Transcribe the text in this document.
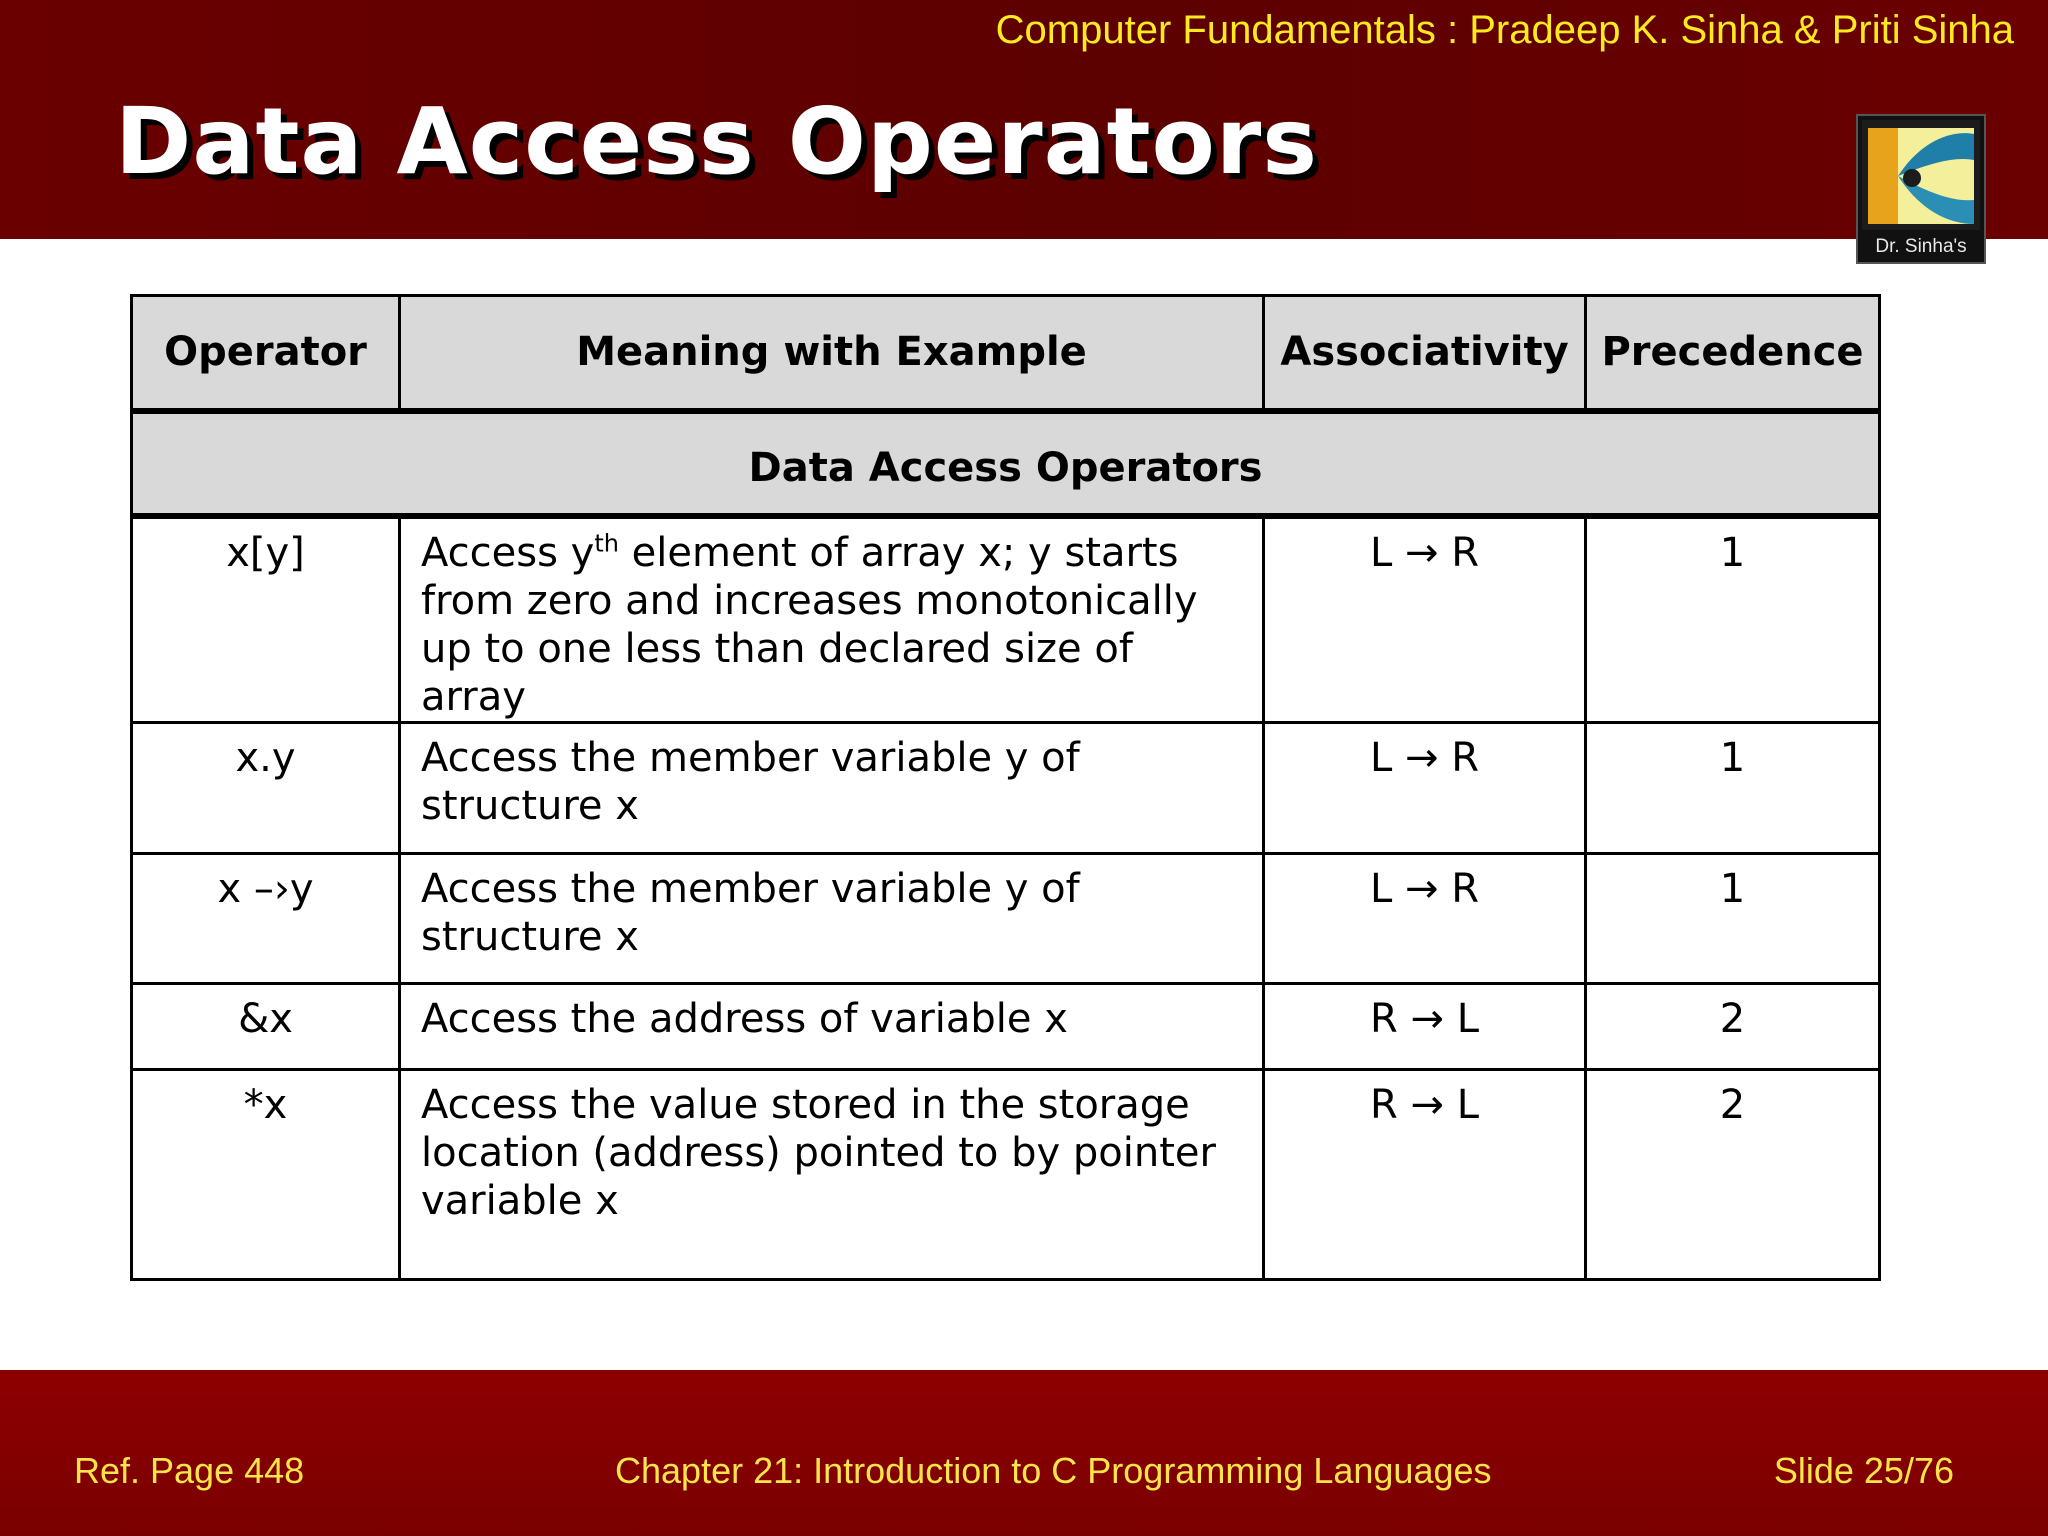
Computer Fundamentals : Pradeep K. Sinha & Priti Sinha
Data Access Operators
Dr. Sinha's
Operator	Meaning with Example	Associativity	Precedence
Data Access Operators			
x[y]	Access $y^{th}$ element of array x; y starts from zero and increases monotonically up to one less than declared size of array	L → R	1
x.y	Access the member variable y of structure x	L → R	1
x –›y	Access the member variable y of structure x	L → R	1
&x	Access the address of variable x	R → L	2
*x	Access the value stored in the storage location (address) pointed to by pointer variable x	R → L	2
Ref. Page 448	Chapter 21: Introduction to C Programming Languages	Slide 25/76
